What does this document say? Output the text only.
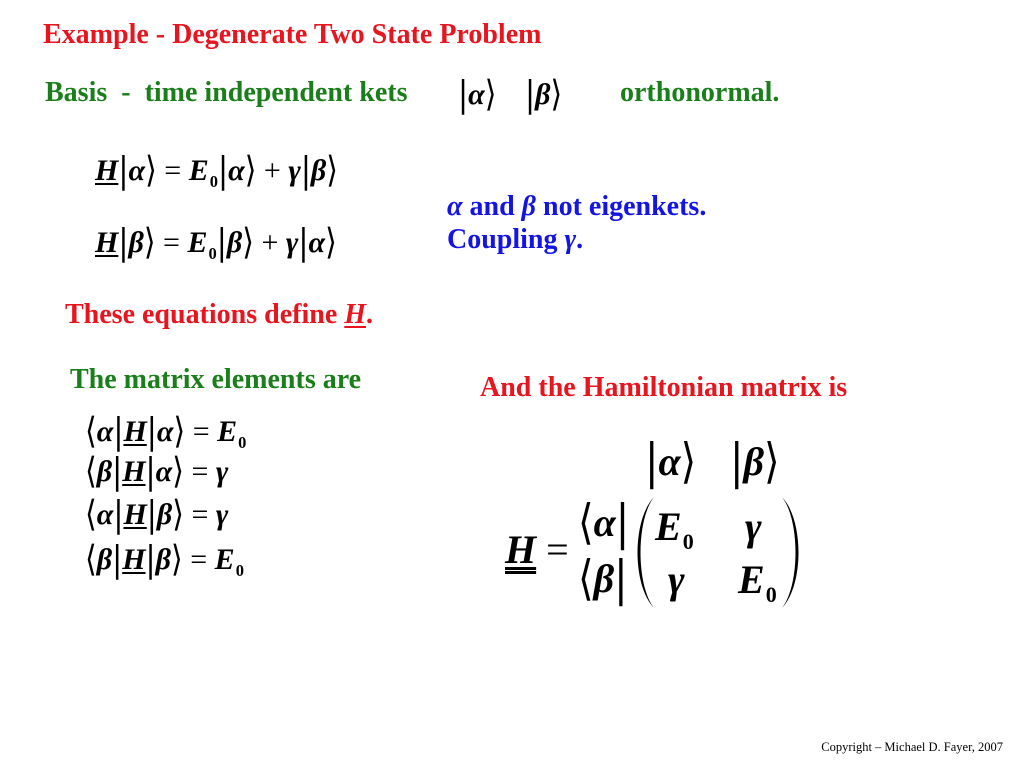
Example - Degenerate Two State Problem
Basis  -  time independent kets |α⟩ |β⟩ orthonormal.
H|α⟩ = $E_0|\alpha⟩$ + γ|β⟩
H|β⟩ = $E_0|\beta⟩$ + γ|α⟩
α and β not eigenkets.
Coupling γ.
These equations define H.
The matrix elements are	And the Hamiltonian matrix is
⟨α|H|α⟩ = $E_0$
⟨β|H|α⟩ = γ
⟨α|H|β⟩ = γ
⟨β|H|β⟩ = $E_0$
|α⟩ |β⟩
H = ⟨α|
⟨β|
$E_0$ γ
γ $E_0$
Copyright – Michael D. Fayer, 2007
